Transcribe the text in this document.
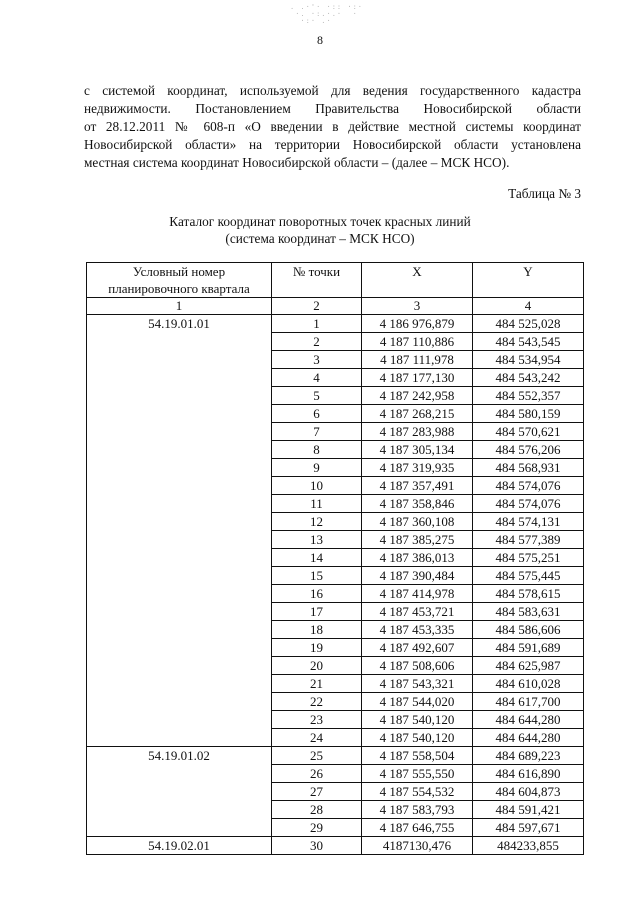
. .·'· ·:: ·:·
·. ·:.·.·  ·
·:· .·
8
с системой координат, используемой для ведения государственного кадастра
недвижимости. Постановлением Правительства Новосибирской области
от 28.12.2011 № 608-п «О введении в действие местной системы координат
Новосибирской области» на территории Новосибирской области установлена
местная система координат Новосибирской области – (далее – МСК НСО).
Таблица № 3
Каталог координат поворотных точек красных линий
(система координат – МСК НСО)
Условный номер планировочного квартала	№ точки	X	Y
1	2	3	4
54.19.01.01	1	4 186 976,879	484 525,028
	2	4 187 110,886	484 543,545
	3	4 187 111,978	484 534,954
	4	4 187 177,130	484 543,242
	5	4 187 242,958	484 552,357
	6	4 187 268,215	484 580,159
	7	4 187 283,988	484 570,621
	8	4 187 305,134	484 576,206
	9	4 187 319,935	484 568,931
	10	4 187 357,491	484 574,076
	11	4 187 358,846	484 574,076
	12	4 187 360,108	484 574,131
	13	4 187 385,275	484 577,389
	14	4 187 386,013	484 575,251
	15	4 187 390,484	484 575,445
	16	4 187 414,978	484 578,615
	17	4 187 453,721	484 583,631
	18	4 187 453,335	484 586,606
	19	4 187 492,607	484 591,689
	20	4 187 508,606	484 625,987
	21	4 187 543,321	484 610,028
	22	4 187 544,020	484 617,700
	23	4 187 540,120	484 644,280
	24	4 187 540,120	484 644,280
54.19.01.02	25	4 187 558,504	484 689,223
	26	4 187 555,550	484 616,890
	27	4 187 554,532	484 604,873
	28	4 187 583,793	484 591,421
	29	4 187 646,755	484 597,671
54.19.02.01	30	4187130,476	484233,855
